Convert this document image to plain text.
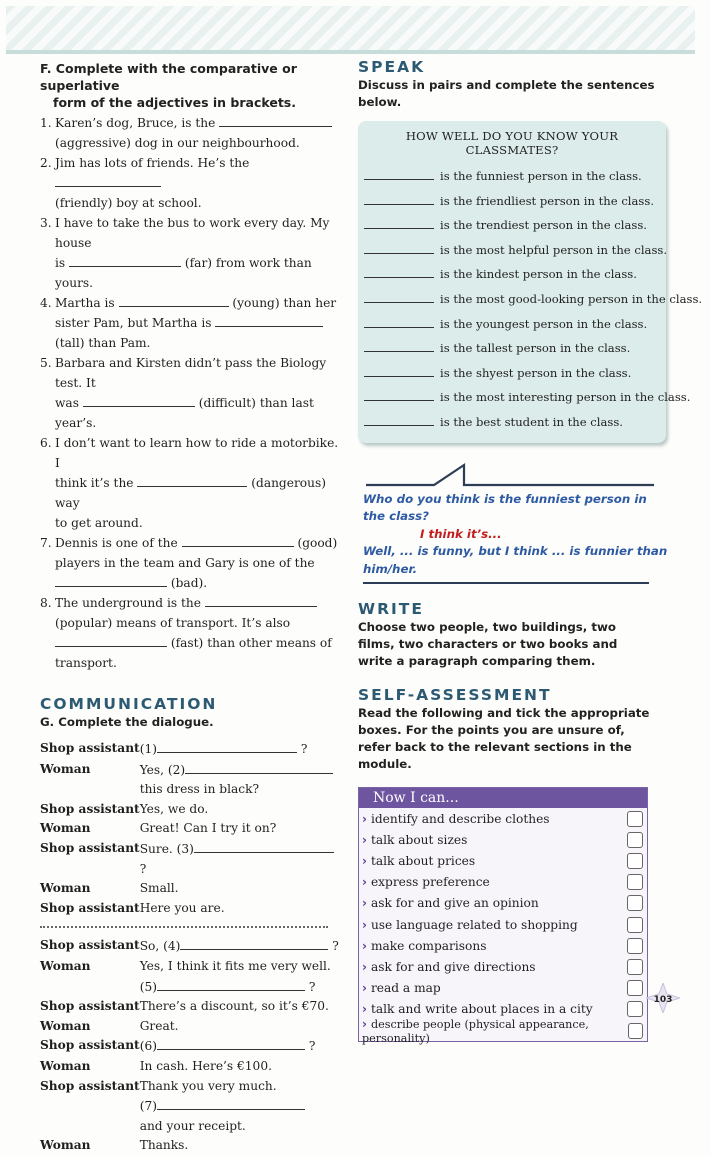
F. Complete with the comparative or superlative
form of the adjectives in brackets.
1. Karen’s dog, Bruce, is the
(aggressive) dog in our neighbourhood.
2. Jim has lots of friends. He’s the
(friendly) boy at school.
3. I have to take the bus to work every day. My house
is	(far) from work than yours.
4. Martha is	(young) than her
sister Pam, but Martha is
(tall) than Pam.
5. Barbara and Kirsten didn’t pass the Biology test. It
was	(difficult) than last year’s.
6. I don’t want to learn how to ride a motorbike. I
think it’s the	(dangerous) way
to get around.
7. Dennis is one of the	(good)
players in the team and Gary is one of the
(bad).
8. The underground is the
(popular) means of transport. It’s also
(fast) than other means of
transport.
COMMUNICATION
G. Complete the dialogue.
Shop assistant	(1) ?
Woman	Yes, (2)
this dress in black?
Shop assistant	Yes, we do.
Woman	Great! Can I try it on?
Shop assistant	Sure. (3) ?
Woman	Small.
Shop assistant	Here you are.
Shop assistant	So, (4) ?
Woman	Yes, I think it fits me very well.
(5) ?
Shop assistant	There’s a discount, so it’s €70.
Woman	Great.
Shop assistant	(6) ?
Woman	In cash. Here’s €100.
Shop assistant	Thank you very much.
(7)
and your receipt.
Woman	Thanks.
SPEAK
Discuss in pairs and complete the sentences below.
HOW WELL DO YOU KNOW YOUR CLASSMATES?
is the funniest person in the class.
is the friendliest person in the class.
is the trendiest person in the class.
is the most helpful person in the class.
is the kindest person in the class.
is the most good-looking person in the class.
is the youngest person in the class.
is the tallest person in the class.
is the shyest person in the class.
is the most interesting person in the class.
is the best student in the class.
Who do you think is the funniest person in the class?
I think it’s...
Well, ... is funny, but I think ... is funnier than him/her.
WRITE
Choose two people, two buildings, two films, two characters or two books and write a paragraph comparing them.
SELF-ASSESSMENT
Read the following and tick the appropriate boxes. For the points you are unsure of, refer back to the relevant sections in the module.
Now I can...
› identify and describe clothes
› talk about sizes
› talk about prices
› express preference
› ask for and give an opinion
› use language related to shopping
› make comparisons
› ask for and give directions
› read a map
› talk and write about places in a city
› describe people (physical appearance, personality)
103
